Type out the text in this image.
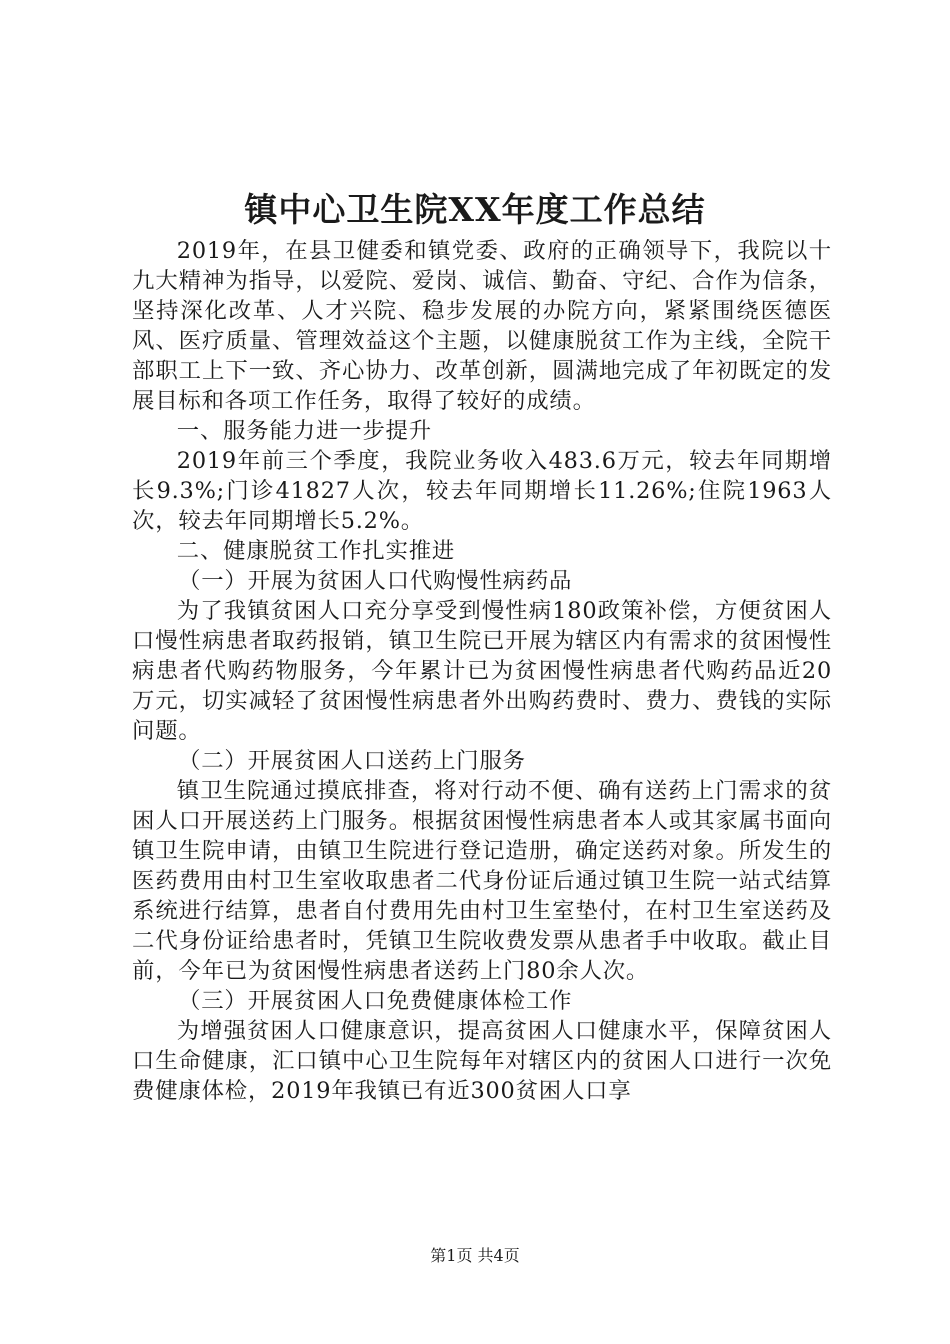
镇中心卫生院XX年度工作总结

2019年，在县卫健委和镇党委、政府的正确领导下，我院以十九大精神为指导，以爱院、爱岗、诚信、勤奋、守纪、合作为信条，坚持深化改革、人才兴院、稳步发展的办院方向，紧紧围绕医德医风、医疗质量、管理效益这个主题，以健康脱贫工作为主线，全院干部职工上下一致、齐心协力、改革创新，圆满地完成了年初既定的发展目标和各项工作任务，取得了较好的成绩。

一、服务能力进一步提升

2019年前三个季度，我院业务收入483.6万元，较去年同期增长9.3%;门诊41827人次，较去年同期增长11.26%;住院1963人次，较去年同期增长5.2%。

二、健康脱贫工作扎实推进

（一）开展为贫困人口代购慢性病药品

为了我镇贫困人口充分享受到慢性病180政策补偿，方便贫困人口慢性病患者取药报销，镇卫生院已开展为辖区内有需求的贫困慢性病患者代购药物服务，今年累计已为贫困慢性病患者代购药品近20万元，切实减轻了贫困慢性病患者外出购药费时、费力、费钱的实际问题。

（二）开展贫困人口送药上门服务

镇卫生院通过摸底排查，将对行动不便、确有送药上门需求的贫困人口开展送药上门服务。根据贫困慢性病患者本人或其家属书面向镇卫生院申请，由镇卫生院进行登记造册，确定送药对象。所发生的医药费用由村卫生室收取患者二代身份证后通过镇卫生院一站式结算系统进行结算，患者自付费用先由村卫生室垫付，在村卫生室送药及二代身份证给患者时，凭镇卫生院收费发票从患者手中收取。截止目前，今年已为贫困慢性病患者送药上门80余人次。

（三）开展贫困人口免费健康体检工作

为增强贫困人口健康意识，提高贫困人口健康水平，保障贫困人口生命健康，汇口镇中心卫生院每年对辖区内的贫困人口进行一次免费健康体检，2019年我镇已有近300贫困人口享

第1页 共4页
